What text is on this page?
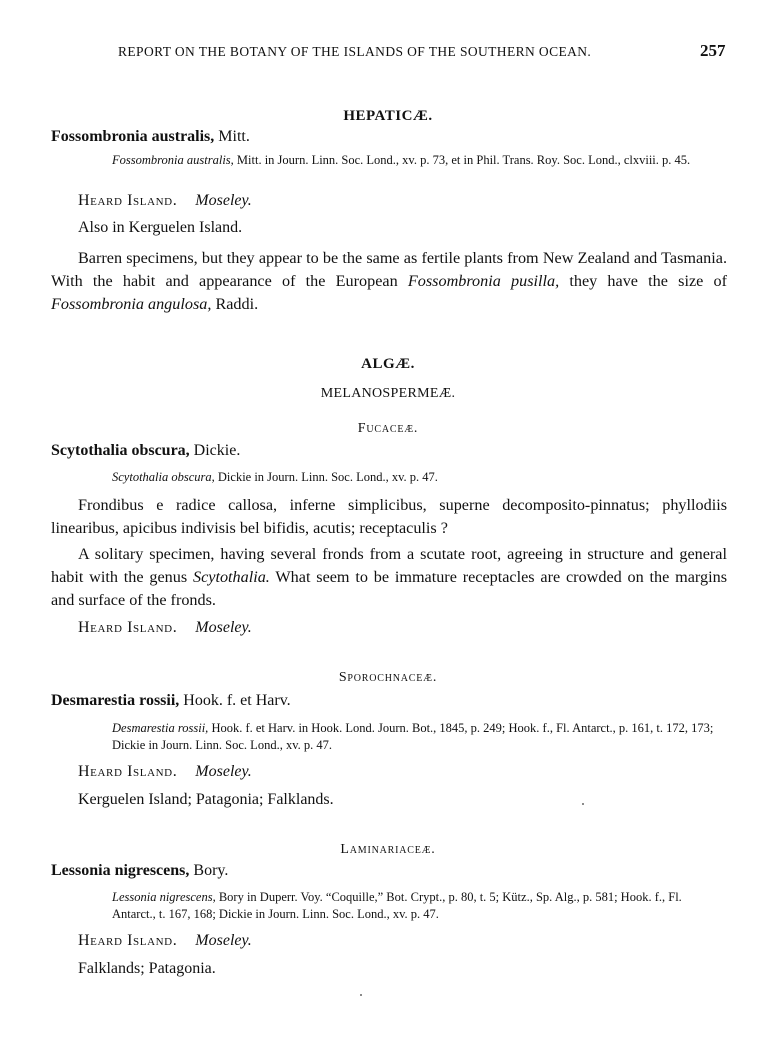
REPORT ON THE BOTANY OF THE ISLANDS OF THE SOUTHERN OCEAN.	257
HEPATICÆ.
Fossombronia australis, Mitt.
Fossombronia australis, Mitt. in Journ. Linn. Soc. Lond., xv. p. 73, et in Phil. Trans. Roy. Soc. Lond., clxviii. p. 45.
Heard Island. Moseley.
Also in Kerguelen Island.
Barren specimens, but they appear to be the same as fertile plants from New Zealand and Tasmania. With the habit and appearance of the European Fossombronia pusilla, they have the size of Fossombronia angulosa, Raddi.
ALGÆ.
MELANOSPERMEÆ.
Fucaceæ.
Scytothalia obscura, Dickie.
Scytothalia obscura, Dickie in Journ. Linn. Soc. Lond., xv. p. 47.
Frondibus e radice callosa, inferne simplicibus, superne decomposito-pinnatus; phyllodiis linearibus, apicibus indivisis bel bifidis, acutis; receptaculis ?
A solitary specimen, having several fronds from a scutate root, agreeing in structure and general habit with the genus Scytothalia. What seem to be immature receptacles are crowded on the margins and surface of the fronds.
Heard Island. Moseley.
Sporochnaceæ.
Desmarestia rossii, Hook. f. et Harv.
Desmarestia rossii, Hook. f. et Harv. in Hook. Lond. Journ. Bot., 1845, p. 249; Hook. f., Fl. Antarct., p. 161, t. 172, 173; Dickie in Journ. Linn. Soc. Lond., xv. p. 47.
Heard Island. Moseley.
Kerguelen Island; Patagonia; Falklands.
Laminariaceæ.
Lessonia nigrescens, Bory.
Lessonia nigrescens, Bory in Duperr. Voy. “Coquille,” Bot. Crypt., p. 80, t. 5; Kütz., Sp. Alg., p. 581; Hook. f., Fl. Antarct., t. 167, 168; Dickie in Journ. Linn. Soc. Lond., xv. p. 47.
Heard Island. Moseley.
Falklands; Patagonia.
